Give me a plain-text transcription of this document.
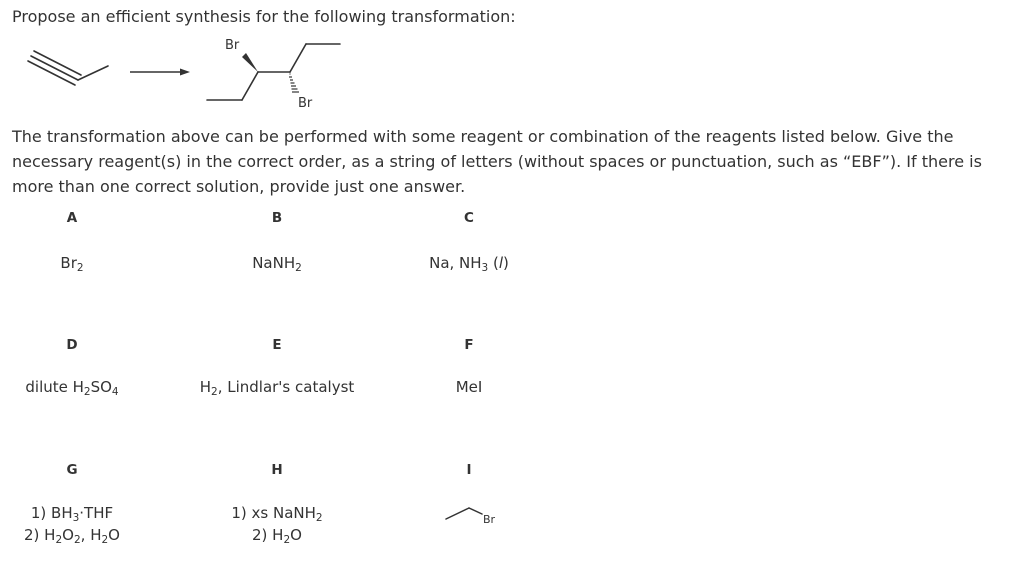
Propose an efficient synthesis for the following transformation:
Br
Br
The transformation above can be performed with some reagent or combination of the reagents listed below. Give the necessary reagent(s) in the correct order, as a string of letters (without spaces or punctuation, such as “EBF”). If there is more than one correct solution, provide just one answer.
A
$Br_2$
B
NaNH$_2$
C
Na, $NH_3$ (l)
D
dilute $H_2SO_4$
E
$H_2$, Lindlar's catalyst
F
MeI
G
1) $BH_3\cdot THF$
2) $H_2O_2$, $H_2O$
H
1) xs NaNH$_2$
2) $H_2O$
I
Br
